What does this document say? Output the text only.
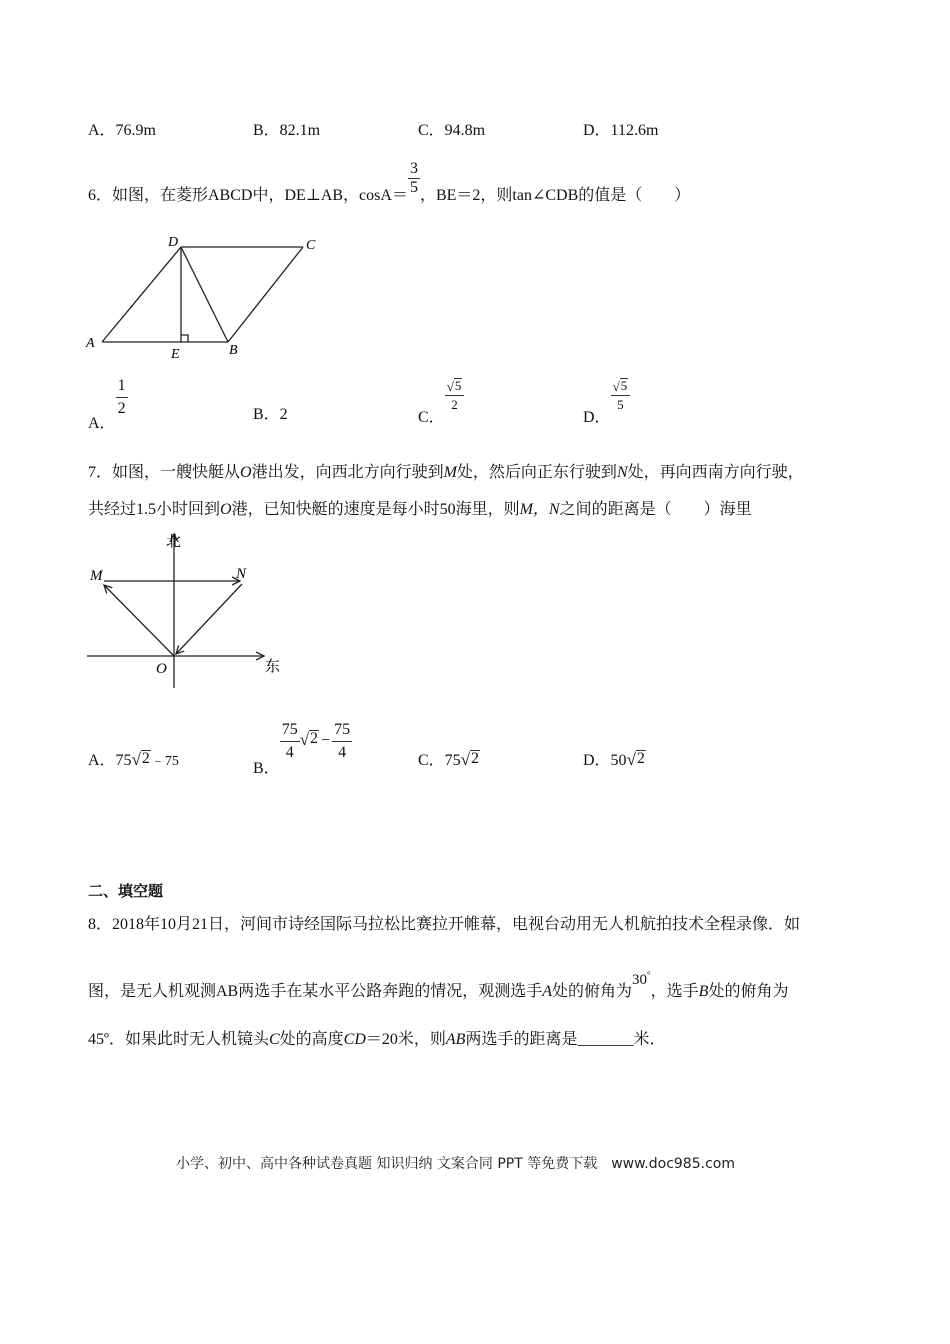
A．76.9m	B．82.1m	C．94.8m	D．112.6m
6．如图，在菱形ABCD中，DE⊥AB，$\cos A= \frac{3}{5}$ ，BE＝2，则tan∠CDB的值是（　　）
A
D	C
E	B
A．
$\frac{1}{2}$	B．2	C．
$\frac{√ 5}{2}$
D．
$\frac{√ 5}{5}$
7．如图，一艘快艇从O港出发，向西北方向行驶到M处，然后向正东行驶到N处，再向西南方向行驶，
共经过1.5小时回到O港，已知快艇的速度是每小时50海里，则M，N之间的距离是（　　）海里
北
东
M	N
O
A．75 √ 2 ﹣75	B．
$\frac{75}{4}$ √ $2 - \frac{75}{4}$	C．75 √ 2	D．50 √ 2
二、填空题
8．2018年10月21日，河间市诗经国际马拉松比赛拉开帷幕，电视台动用无人机航拍技术全程录像．如
图，是无人机观测AB两选手在某水平公路奔跑的情况，观测选手A处的俯角为30°，选手B处的俯角为
45º．如果此时无人机镜头C处的高度CD＝20米，则AB两选手的距离是_______米．
小学、初中、高中各种试卷真题 知识归纳 文案合同 PPT 等免费下载　www.doc985.com
